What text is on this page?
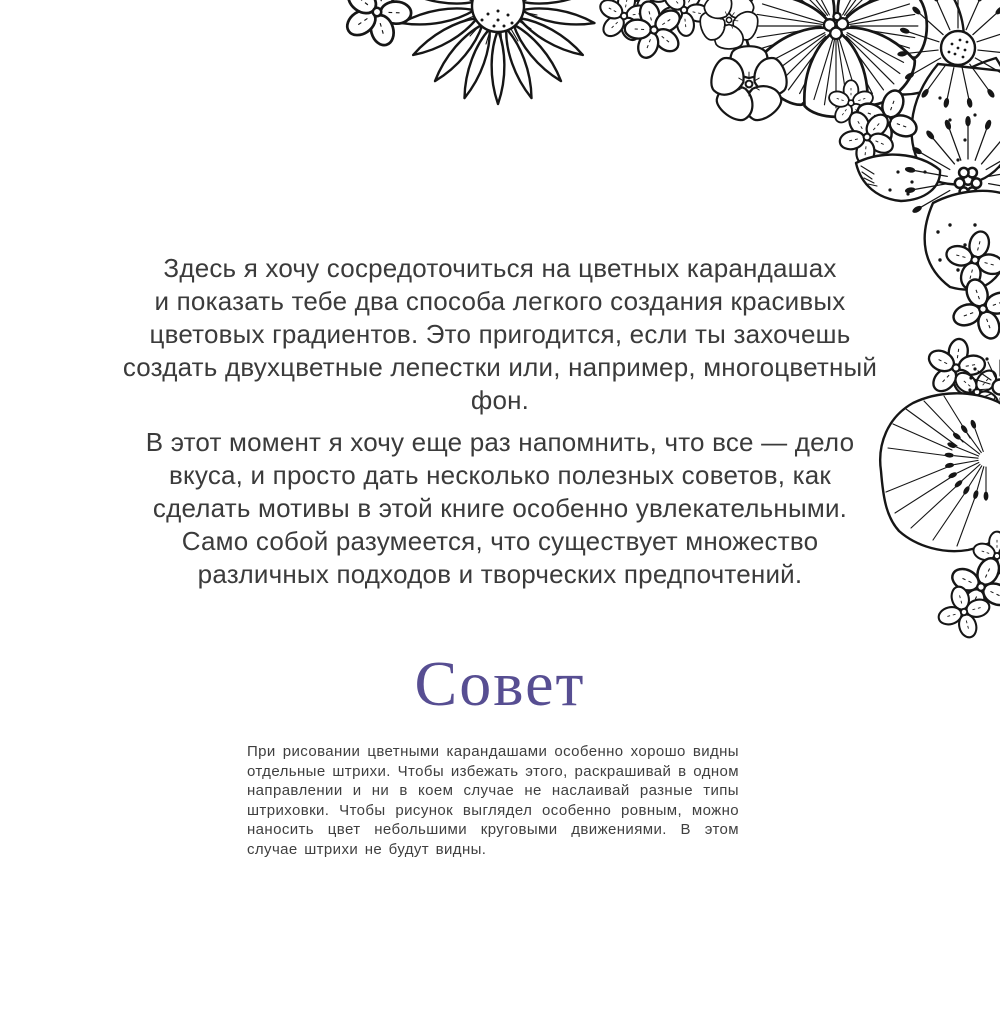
Здесь я хочу сосредоточиться на цветных карандашах
и показать тебе два способа легкого создания красивых
цветовых градиентов. Это пригодится, если ты захочешь
создать двухцветные лепестки или, например, многоцветный
фон.

В этот момент я хочу еще раз напомнить, что все — дело
вкуса, и просто дать несколько полезных советов, как
сделать мотивы в этой книге особенно увлекательными.
Само собой разумеется, что существует множество
различных подходов и творческих предпочтений.

Совет

При рисовании цветными карандашами особенно хорошо видны отдельные штрихи. Чтобы избежать этого, раскрашивай в одном направлении и ни в коем случае не наслаивай разные типы штриховки. Чтобы рисунок выглядел особенно ровным, можно наносить цвет небольшими круговыми движениями. В этом случае штрихи не будут видны.
